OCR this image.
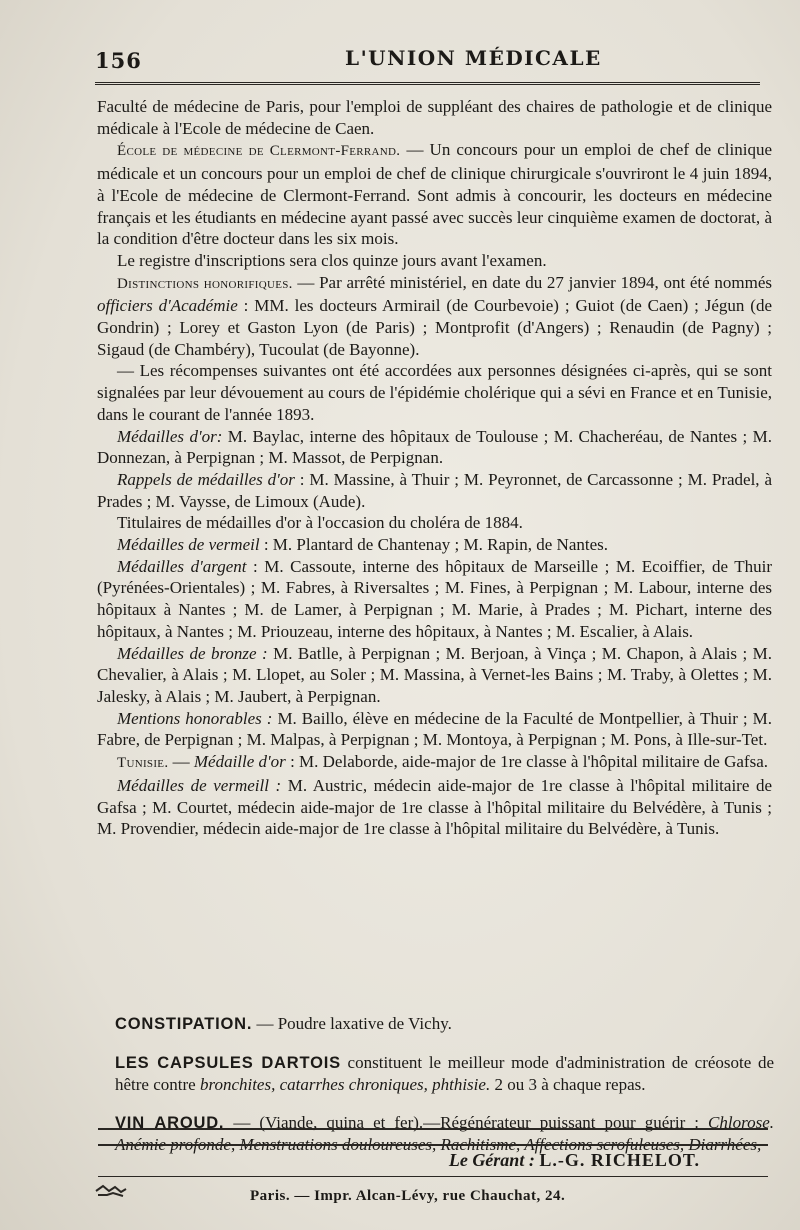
156	L'UNION MÉDICALE

Faculté de médecine de Paris, pour l'emploi de suppléant des chaires de pathologie et de clinique médicale à l'Ecole de médecine de Caen.

École de médecine de Clermont-Ferrand. — Un concours pour un emploi de chef de clinique médicale et un concours pour un emploi de chef de clinique chirurgicale s'ouvriront le 4 juin 1894, à l'Ecole de médecine de Clermont-Ferrand. Sont admis à concourir, les docteurs en médecine français et les étudiants en médecine ayant passé avec succès leur cinquième examen de doctorat, à la condition d'être docteur dans les six mois.

Le registre d'inscriptions sera clos quinze jours avant l'examen.

Distinctions honorifiques. — Par arrêté ministériel, en date du 27 janvier 1894, ont été nommés officiers d'Académie : MM. les docteurs Armirail (de Courbevoie) ; Guiot (de Caen) ; Jégun (de Gondrin) ; Lorey et Gaston Lyon (de Paris) ; Montprofit (d'Angers) ; Renaudin (de Pagny) ; Sigaud (de Chambéry), Tucoulat (de Bayonne).

— Les récompenses suivantes ont été accordées aux personnes désignées ci-après, qui se sont signalées par leur dévouement au cours de l'épidémie cholérique qui a sévi en France et en Tunisie, dans le courant de l'année 1893.

Médailles d'or: M. Baylac, interne des hôpitaux de Toulouse ; M. Chacheréau, de Nantes ; M. Donnezan, à Perpignan ; M. Massot, de Perpignan.

Rappels de médailles d'or : M. Massine, à Thuir ; M. Peyronnet, de Carcassonne ; M. Pradel, à Prades ; M. Vaysse, de Limoux (Aude).

Titulaires de médailles d'or à l'occasion du choléra de 1884.

Médailles de vermeil : M. Plantard de Chantenay ; M. Rapin, de Nantes.

Médailles d'argent : M. Cassoute, interne des hôpitaux de Marseille ; M. Ecoiffier, de Thuir (Pyrénées-Orientales) ; M. Fabres, à Riversaltes ; M. Fines, à Perpignan ; M. Labour, interne des hôpitaux à Nantes ; M. de Lamer, à Perpignan ; M. Marie, à Prades ; M. Pichart, interne des hôpitaux, à Nantes ; M. Priouzeau, interne des hôpitaux, à Nantes ; M. Escalier, à Alais.

Médailles de bronze : M. Batlle, à Perpignan ; M. Berjoan, à Vinça ; M. Chapon, à Alais ; M. Chevalier, à Alais ; M. Llopet, au Soler ; M. Massina, à Vernet-les Bains ; M. Traby, à Olettes ; M. Jalesky, à Alais ; M. Jaubert, à Perpignan.

Mentions honorables : M. Baillo, élève en médecine de la Faculté de Montpellier, à Thuir ; M. Fabre, de Perpignan ; M. Malpas, à Perpignan ; M. Montoya, à Perpignan ; M. Pons, à Ille-sur-Tet.

Tunisie. — Médaille d'or : M. Delaborde, aide-major de 1re classe à l'hôpital militaire de Gafsa.

Médailles de vermeill : M. Austric, médecin aide-major de 1re classe à l'hôpital militaire de Gafsa ; M. Courtet, médecin aide-major de 1re classe à l'hôpital militaire du Belvédère, à Tunis ; M. Provendier, médecin aide-major de 1re classe à l'hôpital militaire du Belvédère, à Tunis.

CONSTIPATION. — Poudre laxative de Vichy.

LES CAPSULES DARTOIS constituent le meilleur mode d'administration de créosote de hêtre contre bronchites, catarrhes chroniques, phthisie. 2 ou 3 à chaque repas.

VIN AROUD. — (Viande, quina et fer).—Régénérateur puissant pour guérir : Chlorose. Anémie profonde, Menstruations douloureuses, Rachitisme, Affections scrofuleuses, Diarrhées,

Le Gérant : L.-G. RICHELOT.
Paris. — Impr. Alcan-Lévy, rue Chauchat, 24.
